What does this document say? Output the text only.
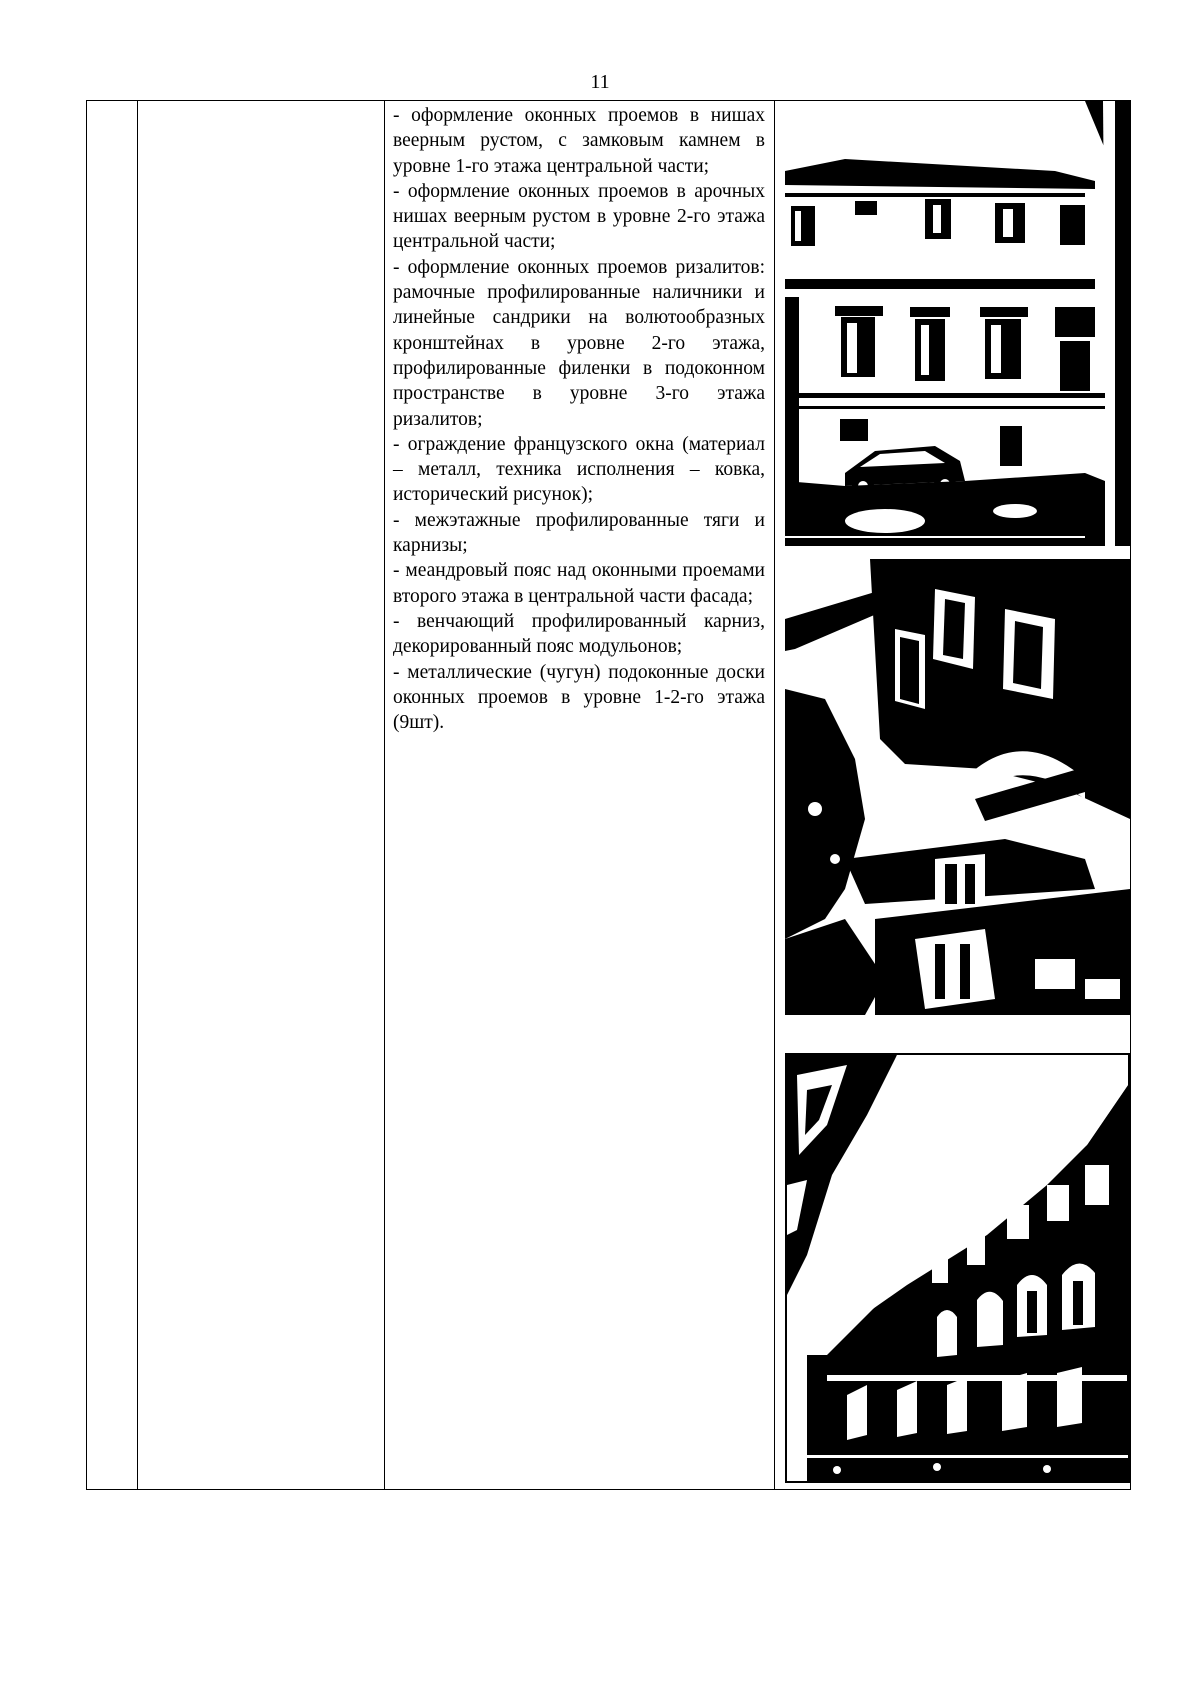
11

- оформление оконных проемов в нишах веерным рустом, с замковым камнем в уровне 1-го этажа центральной части;
- оформление оконных проемов в арочных нишах веерным рустом в уровне 2-го этажа центральной части;
- оформление оконных проемов ризалитов: рамочные профилированные наличники и линейные сандрики на волютообразных кронштейнах в уровне 2-го этажа, профилированные филенки в подоконном пространстве в уровне 3-го этажа ризалитов;
- ограждение французского окна (материал – металл, техника исполнения – ковка, исторический рисунок);
- межэтажные профилированные тяги и карнизы;
- меандровый пояс над оконными проемами второго этажа в центральной части фасада;
- венчающий профилированный карниз, декорированный пояс модульонов;
- металлические (чугун) подоконные доски оконных проемов в уровне 1-2-го этажа (9шт).
